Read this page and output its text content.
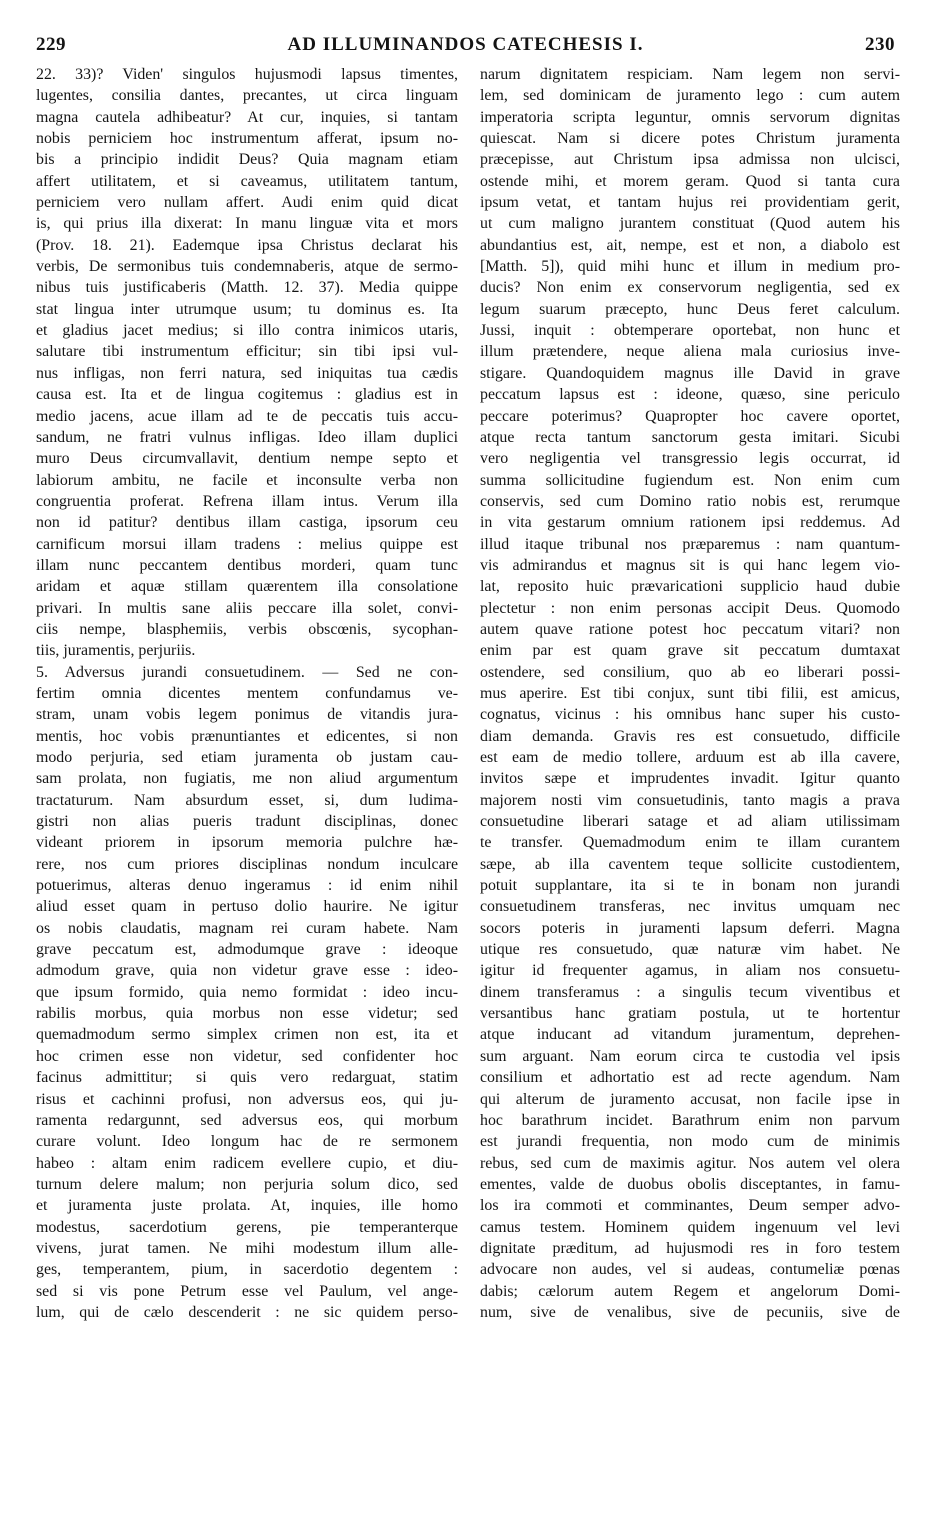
229	AD ILLUMINANDOS CATECHESIS I.	230

22. 33)? Viden' singulos hujusmodi lapsus timentes,

lugentes, consilia dantes, precantes, ut circa linguam

magna cautela adhibeatur? At cur, inquies, si tantam

nobis perniciem hoc instrumentum afferat, ipsum no-

bis a principio indidit Deus? Quia magnam etiam

affert utilitatem, et si caveamus, utilitatem tantum,

perniciem vero nullam affert. Audi enim quid dicat

is, qui prius illa dixerat: In manu linguæ vita et mors

(Prov. 18. 21). Eademque ipsa Christus declarat his

verbis, De sermonibus tuis condemnaberis, atque de sermo-

nibus tuis justificaberis (Matth. 12. 37). Media quippe

stat lingua inter utrumque usum; tu dominus es. Ita

et gladius jacet medius; si illo contra inimicos utaris,

salutare tibi instrumentum efficitur; sin tibi ipsi vul-

nus infligas, non ferri natura, sed iniquitas tua cædis

causa est. Ita et de lingua cogitemus : gladius est in

medio jacens, acue illam ad te de peccatis tuis accu-

sandum, ne fratri vulnus infligas. Ideo illam duplici

muro Deus circumvallavit, dentium nempe septo et

labiorum ambitu, ne facile et inconsulte verba non

congruentia proferat. Refrena illam intus. Verum illa

non id patitur? dentibus illam castiga, ipsorum ceu

carnificum morsui illam tradens : melius quippe est

illam nunc peccantem dentibus morderi, quam tunc

aridam et aquæ stillam quærentem illa consolatione

privari. In multis sane aliis peccare illa solet, convi-

ciis nempe, blasphemiis, verbis obscœnis, sycophan-

tiis, juramentis, perjuriis.

5. Adversus jurandi consuetudinem. — Sed ne con-

fertim omnia dicentes mentem confundamus ve-

stram, unam vobis legem ponimus de vitandis jura-

mentis, hoc vobis prænuntiantes et edicentes, si non

modo perjuria, sed etiam juramenta ob justam cau-

sam prolata, non fugiatis, me non aliud argumentum

tractaturum. Nam absurdum esset, si, dum ludima-

gistri non alias pueris tradunt disciplinas, donec

videant priorem in ipsorum memoria pulchre hæ-

rere, nos cum priores disciplinas nondum inculcare

potuerimus, alteras denuo ingeramus : id enim nihil

aliud esset quam in pertuso dolio haurire. Ne igitur

os nobis claudatis, magnam rei curam habete. Nam

grave peccatum est, admodumque grave : ideoque

admodum grave, quia non videtur grave esse : ideo-

que ipsum formido, quia nemo formidat : ideo incu-

rabilis morbus, quia morbus non esse videtur; sed

quemadmodum sermo simplex crimen non est, ita et

hoc crimen esse non videtur, sed confidenter hoc

facinus admittitur; si quis vero redarguat, statim

risus et cachinni profusi, non adversus eos, qui ju-

ramenta redargunnt, sed adversus eos, qui morbum

curare volunt. Ideo longum hac de re sermonem

habeo : altam enim radicem evellere cupio, et diu-

turnum delere malum; non perjuria solum dico, sed

et juramenta juste prolata. At, inquies, ille homo

modestus, sacerdotium gerens, pie temperanterque

vivens, jurat tamen. Ne mihi modestum illum alle-

ges, temperantem, pium, in sacerdotio degentem :

sed si vis pone Petrum esse vel Paulum, vel ange-

lum, qui de cælo descenderit : ne sic quidem perso-

narum dignitatem respiciam. Nam legem non servi-

lem, sed dominicam de juramento lego : cum autem

imperatoria scripta leguntur, omnis servorum dignitas

quiescat. Nam si dicere potes Christum juramenta

præcepisse, aut Christum ipsa admissa non ulcisci,

ostende mihi, et morem geram. Quod si tanta cura

ipsum vetat, et tantam hujus rei providentiam gerit,

ut cum maligno jurantem constituat (Quod autem his

abundantius est, ait, nempe, est et non, a diabolo est

[Matth. 5]), quid mihi hunc et illum in medium pro-

ducis? Non enim ex conservorum negligentia, sed ex

legum suarum præcepto, hunc Deus feret calculum.

Jussi, inquit : obtemperare oportebat, non hunc et

illum prætendere, neque aliena mala curiosius inve-

stigare. Quandoquidem magnus ille David in grave

peccatum lapsus est : ideone, quæso, sine periculo

peccare poterimus? Quapropter hoc cavere oportet,

atque recta tantum sanctorum gesta imitari. Sicubi

vero negligentia vel transgressio legis occurrat, id

summa sollicitudine fugiendum est. Non enim cum

conservis, sed cum Domino ratio nobis est, rerumque

in vita gestarum omnium rationem ipsi reddemus. Ad

illud itaque tribunal nos præparemus : nam quantum-

vis admirandus et magnus sit is qui hanc legem vio-

lat, reposito huic prævaricationi supplicio haud dubie

plectetur : non enim personas accipit Deus. Quomodo

autem quave ratione potest hoc peccatum vitari? non

enim par est quam grave sit peccatum dumtaxat

ostendere, sed consilium, quo ab eo liberari possi-

mus aperire. Est tibi conjux, sunt tibi filii, est amicus,

cognatus, vicinus : his omnibus hanc super his custo-

diam demanda. Gravis res est consuetudo, difficile

est eam de medio tollere, arduum est ab illa cavere,

invitos sæpe et imprudentes invadit. Igitur quanto

majorem nosti vim consuetudinis, tanto magis a prava

consuetudine liberari satage et ad aliam utilissimam

te transfer. Quemadmodum enim te illam curantem

sæpe, ab illa caventem teque sollicite custodientem,

potuit supplantare, ita si te in bonam non jurandi

consuetudinem transferas, nec invitus umquam nec

socors poteris in juramenti lapsum deferri. Magna

utique res consuetudo, quæ naturæ vim habet. Ne

igitur id frequenter agamus, in aliam nos consuetu-

dinem transferamus : a singulis tecum viventibus et

versantibus hanc gratiam postula, ut te hortentur

atque inducant ad vitandum juramentum, deprehen-

sum arguant. Nam eorum circa te custodia vel ipsis

consilium et adhortatio est ad recte agendum. Nam

qui alterum de juramento accusat, non facile ipse in

hoc barathrum incidet. Barathrum enim non parvum

est jurandi frequentia, non modo cum de minimis

rebus, sed cum de maximis agitur. Nos autem vel olera

ementes, valde de duobus obolis disceptantes, in famu-

los ira commoti et comminantes, Deum semper advo-

camus testem. Hominem quidem ingenuum vel levi

dignitate præditum, ad hujusmodi res in foro testem

advocare non audes, vel si audeas, contumeliæ pœnas

dabis; cælorum autem Regem et angelorum Domi-

num, sive de venalibus, sive de pecuniis, sive de
